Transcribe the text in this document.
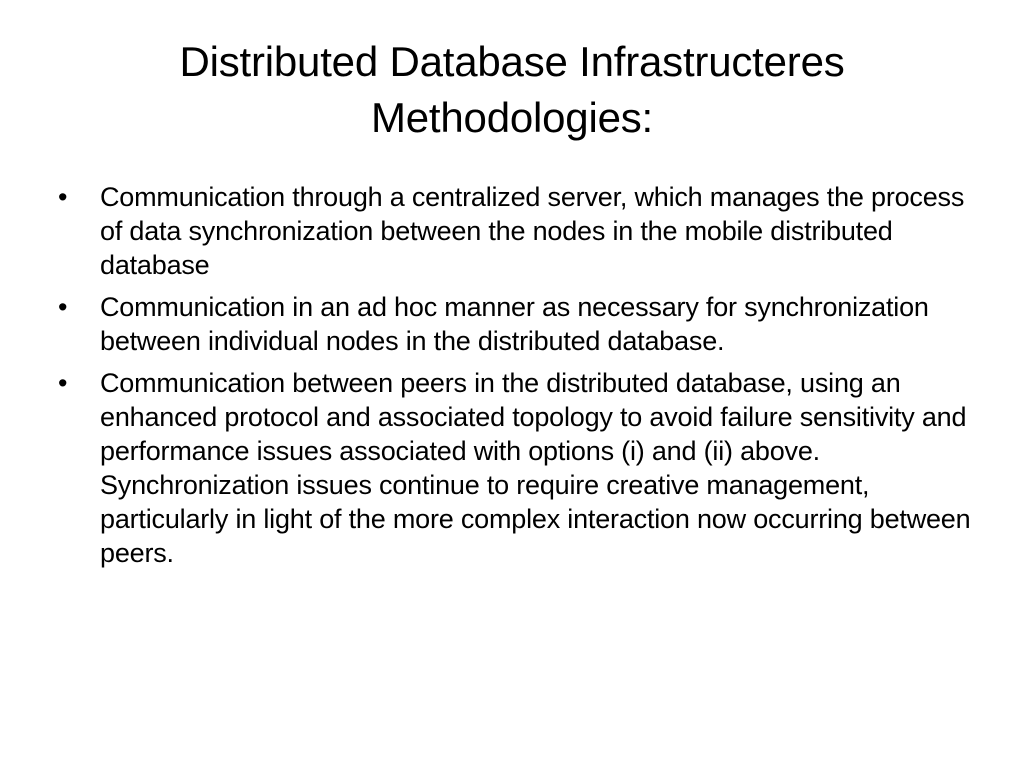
Distributed Database Infrastructeres Methodologies:
•	Communication through a centralized server, which manages the process of data synchronization between the nodes in the mobile distributed database
•	Communication in an ad hoc manner as necessary for synchronization between individual nodes in the distributed database.
•	Communication between peers in the distributed database, using an enhanced protocol and associated topology to avoid failure sensitivity and performance issues associated with options (i) and (ii) above. Synchronization issues continue to require creative management, particularly in light of the more complex interaction now occurring between peers.
